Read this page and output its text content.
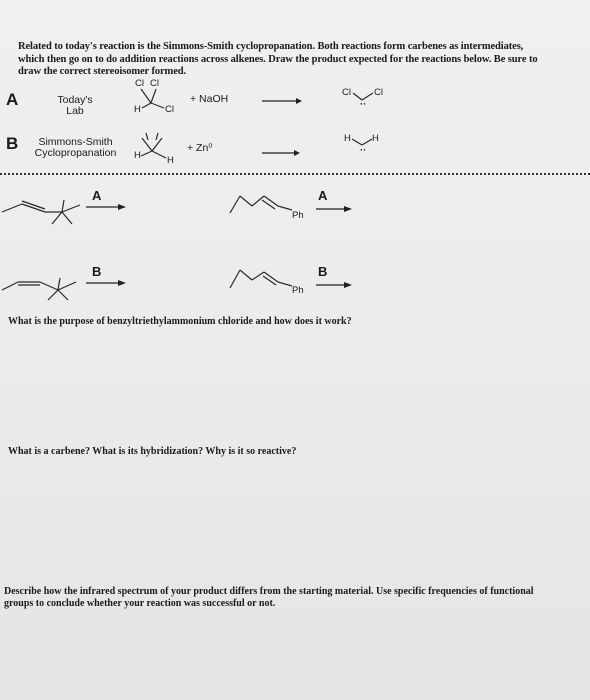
Related to today's reaction is the Simmons-Smith cyclopropanation. Both reactions form carbenes as intermediates, which then go on to do addition reactions across alkenes. Draw the product expected for the reactions below. Be sure to draw the correct stereoisomer formed.
A	Today's
Lab
Cl Cl
H	Cl
+ NaOH
Cl Cl
··
B	Simmons-Smith
Cyclopropanation	H	H
+ Zn⁰
H H
··
A	A
Ph
B	B
Ph
What is the purpose of benzyltriethylammonium chloride and how does it work?
What is a carbene? What is its hybridization? Why is it so reactive?
Describe how the infrared spectrum of your product differs from the starting material. Use specific frequencies of functional groups to conclude whether your reaction was successful or not.
